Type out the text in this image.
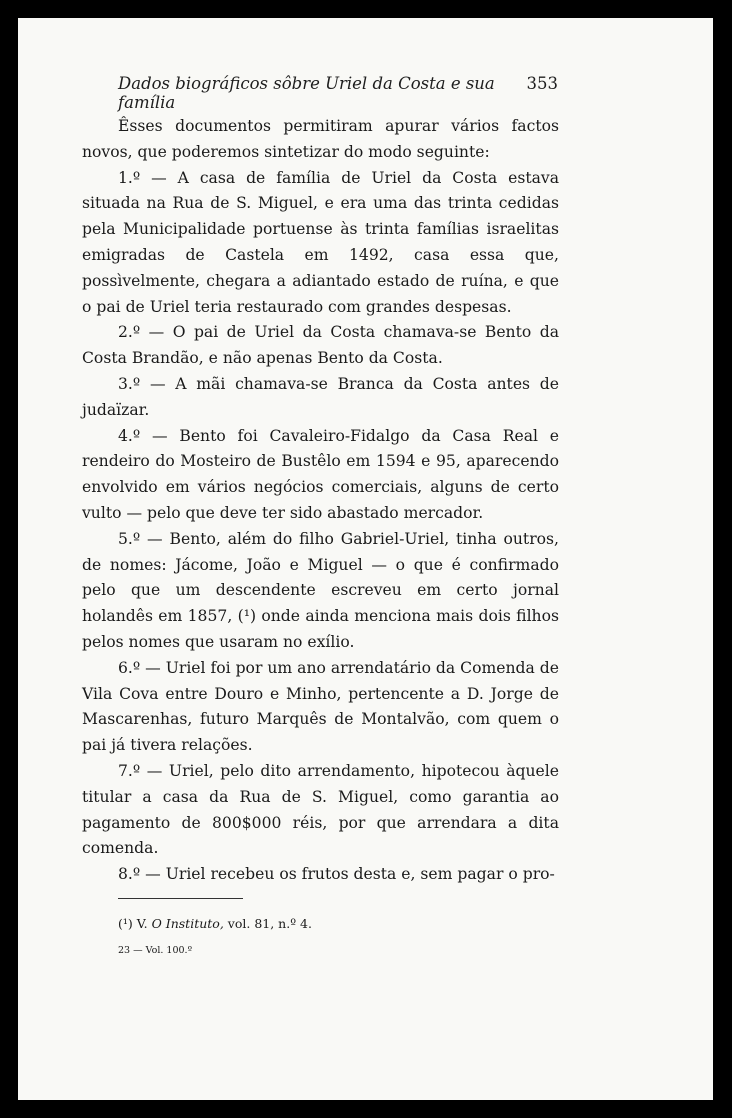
Dados biográficos sôbre Uriel da Costa e sua família
353

Êsses documentos permitiram apurar vários factos novos, que poderemos sintetizar do modo seguinte:

1.º — A casa de família de Uriel da Costa estava situada na Rua de S. Miguel, e era uma das trinta cedidas pela Municipalidade portuense às trinta famílias israelitas emigradas de Castela em 1492, casa essa que, possìvelmente, chegara a adiantado estado de ruína, e que o pai de Uriel teria restaurado com grandes despesas.

2.º — O pai de Uriel da Costa chamava-se Bento da Costa Brandão, e não apenas Bento da Costa.

3.º — A mãi chamava-se Branca da Costa antes de judaïzar.

4.º — Bento foi Cavaleiro-Fidalgo da Casa Real e rendeiro do Mosteiro de Bustêlo em 1594 e 95, aparecendo envolvido em vários negócios comerciais, alguns de certo vulto — pelo que deve ter sido abastado mercador.

5.º — Bento, além do filho Gabriel-Uriel, tinha outros, de nomes: Jácome, João e Miguel — o que é confirmado pelo que um descendente escreveu em certo jornal holandês em 1857, (¹) onde ainda menciona mais dois filhos pelos nomes que usaram no exílio.

6.º — Uriel foi por um ano arrendatário da Comenda de Vila Cova entre Douro e Minho, pertencente a D. Jorge de Mascarenhas, futuro Marquês de Montalvão, com quem o pai já tivera relações.

7.º — Uriel, pelo dito arrendamento, hipotecou àquele titular a casa da Rua de S. Miguel, como garantia ao pagamento de 800$000 réis, por que arrendara a dita comenda.

8.º — Uriel recebeu os frutos desta e, sem pagar o pro-

(¹) V. O Instituto, vol. 81, n.º 4.
23 — Vol. 100.º
